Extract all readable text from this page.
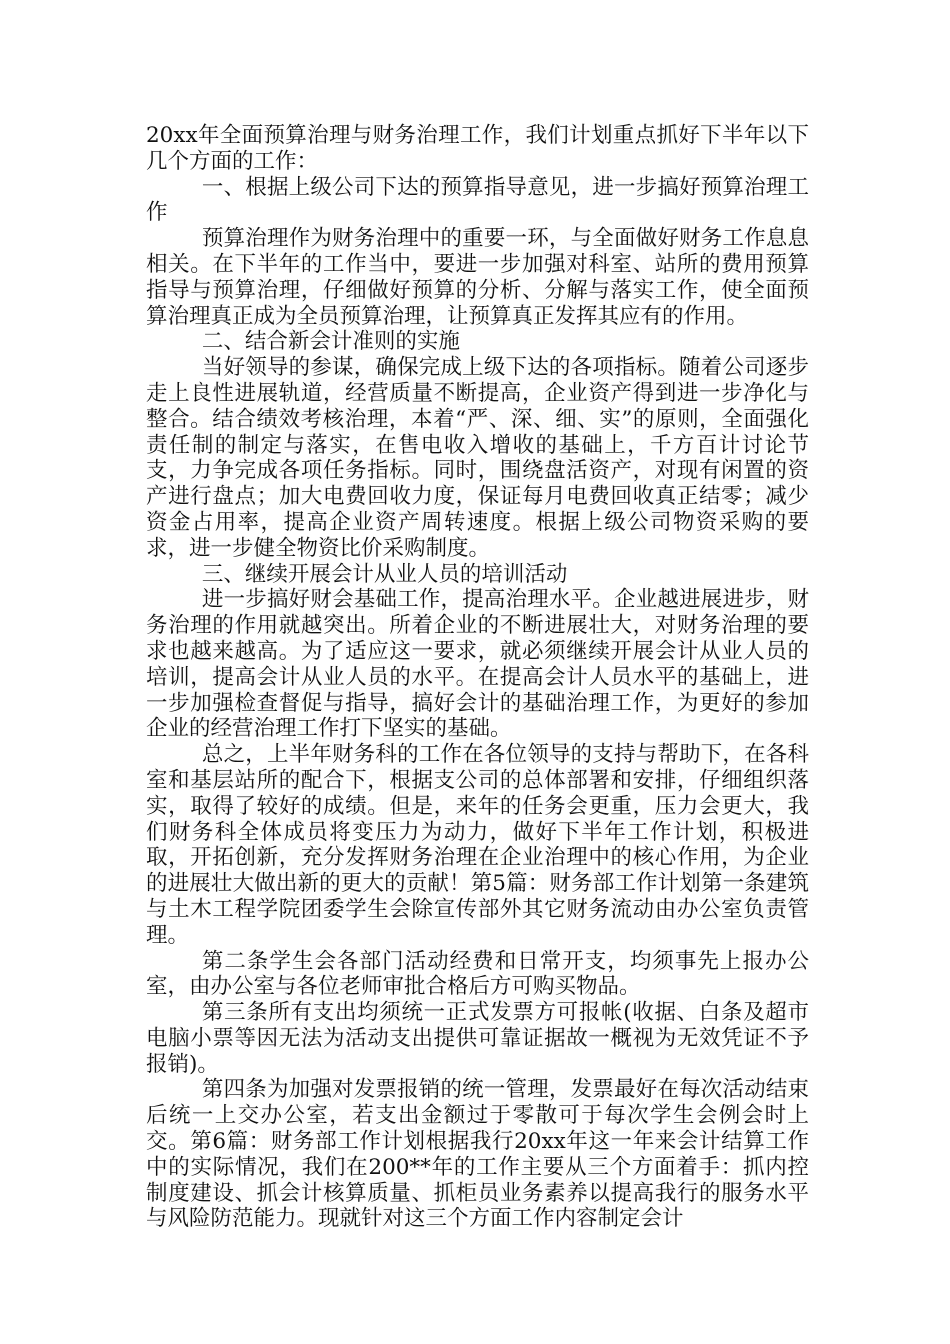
20xx年全面预算治理与财务治理工作，我们计划重点抓好下半年以下几个方面的工作：

一、根据上级公司下达的预算指导意见，进一步搞好预算治理工作

预算治理作为财务治理中的重要一环，与全面做好财务工作息息相关。在下半年的工作当中，要进一步加强对科室、站所的费用预算指导与预算治理，仔细做好预算的分析、分解与落实工作，使全面预算治理真正成为全员预算治理，让预算真正发挥其应有的作用。

二、结合新会计准则的实施

当好领导的参谋，确保完成上级下达的各项指标。随着公司逐步走上良性进展轨道，经营质量不断提高，企业资产得到进一步净化与整合。结合绩效考核治理，本着“严、深、细、实”的原则，全面强化责任制的制定与落实，在售电收入增收的基础上，千方百计讨论节支，力争完成各项任务指标。同时，围绕盘活资产，对现有闲置的资产进行盘点；加大电费回收力度，保证每月电费回收真正结零；减少资金占用率，提高企业资产周转速度。根据上级公司物资采购的要求，进一步健全物资比价采购制度。

三、继续开展会计从业人员的培训活动

进一步搞好财会基础工作，提高治理水平。企业越进展进步，财务治理的作用就越突出。所着企业的不断进展壮大，对财务治理的要求也越来越高。为了适应这一要求，就必须继续开展会计从业人员的培训，提高会计从业人员的水平。在提高会计人员水平的基础上，进一步加强检查督促与指导，搞好会计的基础治理工作，为更好的参加企业的经营治理工作打下坚实的基础。

总之，上半年财务科的工作在各位领导的支持与帮助下，在各科室和基层站所的配合下，根据支公司的总体部署和安排，仔细组织落实，取得了较好的成绩。但是，来年的任务会更重，压力会更大，我们财务科全体成员将变压力为动力，做好下半年工作计划，积极进取，开拓创新，充分发挥财务治理在企业治理中的核心作用，为企业的进展壮大做出新的更大的贡献！第5篇：财务部工作计划第一条建筑与土木工程学院团委学生会除宣传部外其它财务流动由办公室负责管理。

第二条学生会各部门活动经费和日常开支，均须事先上报办公室，由办公室与各位老师审批合格后方可购买物品。

第三条所有支出均须统一正式发票方可报帐(收据、白条及超市电脑小票等因无法为活动支出提供可靠证据故一概视为无效凭证不予报销)。

第四条为加强对发票报销的统一管理，发票最好在每次活动结束后统一上交办公室，若支出金额过于零散可于每次学生会例会时上交。第6篇：财务部工作计划根据我行20xx年这一年来会计结算工作中的实际情况，我们在200**年的工作主要从三个方面着手：抓内控制度建设、抓会计核算质量、抓柜员业务素养以提高我行的服务水平与风险防范能力。现就针对这三个方面工作内容制定会计
